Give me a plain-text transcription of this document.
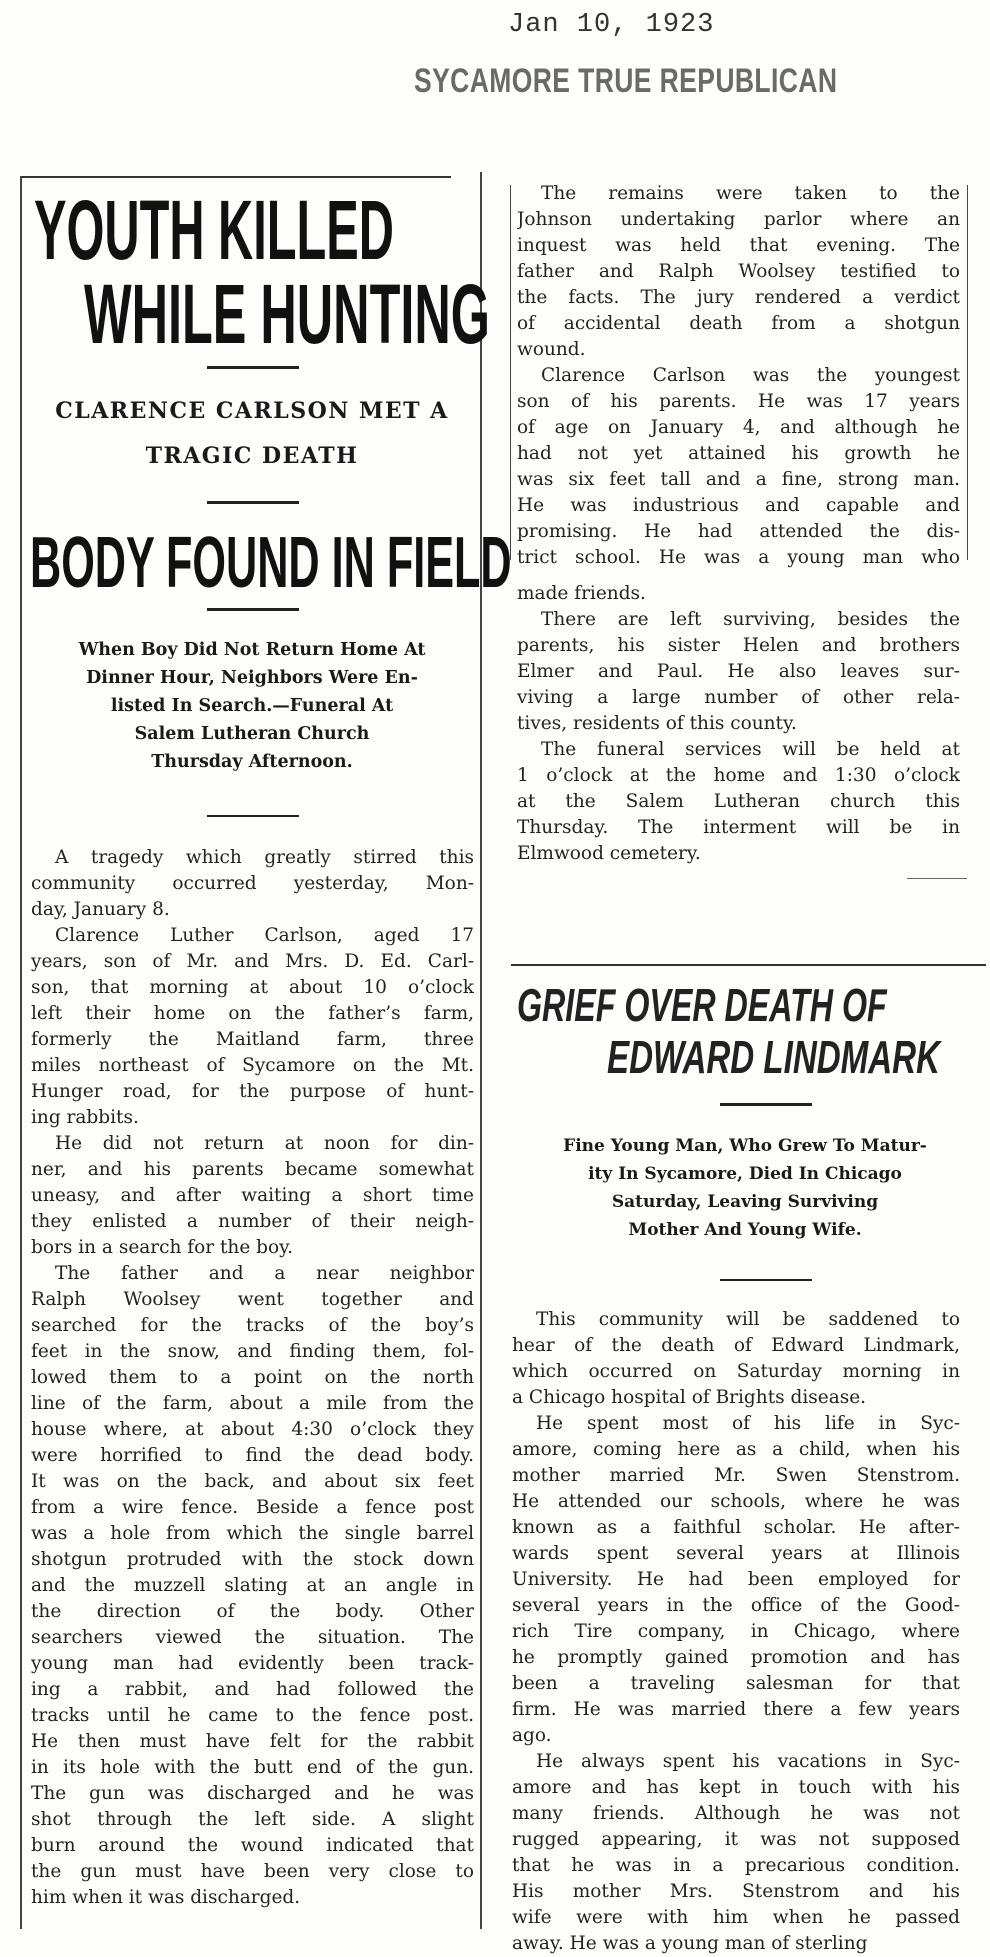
Jan 10, 1923
SYCAMORE TRUE REPUBLICAN
YOUTH KILLED
WHILE HUNTING
CLARENCE CARLSON MET A
TRAGIC DEATH
BODY FOUND IN FIELD
When Boy Did Not Return Home At
Dinner Hour, Neighbors Were En-
listed In Search.—Funeral At
Salem Lutheran Church
Thursday Afternoon.
A tragedy which greatly stirred this
community occurred yesterday, Mon-
day, January 8.
Clarence Luther Carlson, aged 17
years, son of Mr. and Mrs. D. Ed. Carl-
son, that morning at about 10 o’clock
left their home on the father’s farm,
formerly the Maitland farm, three
miles northeast of Sycamore on the Mt.
Hunger road, for the purpose of hunt-
ing rabbits.
He did not return at noon for din-
ner, and his parents became somewhat
uneasy, and after waiting a short time
they enlisted a number of their neigh-
bors in a search for the boy.
The father and a near neighbor
Ralph Woolsey went together and
searched for the tracks of the boy’s
feet in the snow, and finding them, fol-
lowed them to a point on the north
line of the farm, about a mile from the
house where, at about 4:30 o’clock they
were horrified to find the dead body.
It was on the back, and about six feet
from a wire fence. Beside a fence post
was a hole from which the single barrel
shotgun protruded with the stock down
and the muzzell slating at an angle in
the direction of the body. Other
searchers viewed the situation. The
young man had evidently been track-
ing a rabbit, and had followed the
tracks until he came to the fence post.
He then must have felt for the rabbit
in its hole with the butt end of the gun.
The gun was discharged and he was
shot through the left side. A slight
burn around the wound indicated that
the gun must have been very close to
him when it was discharged.
The remains were taken to the
Johnson undertaking parlor where an
inquest was held that evening. The
father and Ralph Woolsey testified to
the facts. The jury rendered a verdict
of accidental death from a shotgun
wound.
Clarence Carlson was the youngest
son of his parents. He was 17 years
of age on January 4, and although he
had not yet attained his growth he
was six feet tall and a fine, strong man.
He was industrious and capable and
promising. He had attended the dis-
trict school. He was a young man who
made friends.
There are left surviving, besides the
parents, his sister Helen and brothers
Elmer and Paul. He also leaves sur-
viving a large number of other rela-
tives, residents of this county.
The funeral services will be held at
1 o’clock at the home and 1:30 o’clock
at the Salem Lutheran church this
Thursday. The interment will be in
Elmwood cemetery.
GRIEF OVER DEATH OF
EDWARD LINDMARK
Fine Young Man, Who Grew To Matur-
ity In Sycamore, Died In Chicago
Saturday, Leaving Surviving
Mother And Young Wife.
This community will be saddened to
hear of the death of Edward Lindmark,
which occurred on Saturday morning in
a Chicago hospital of Brights disease.
He spent most of his life in Syc-
amore, coming here as a child, when his
mother married Mr. Swen Stenstrom.
He attended our schools, where he was
known as a faithful scholar. He after-
wards spent several years at Illinois
University. He had been employed for
several years in the office of the Good-
rich Tire company, in Chicago, where
he promptly gained promotion and has
been a traveling salesman for that
firm. He was married there a few years
ago.
He always spent his vacations in Syc-
amore and has kept in touch with his
many friends. Although he was not
rugged appearing, it was not supposed
that he was in a precarious condition.
His mother Mrs. Stenstrom and his
wife were with him when he passed
away. He was a young man of sterling
